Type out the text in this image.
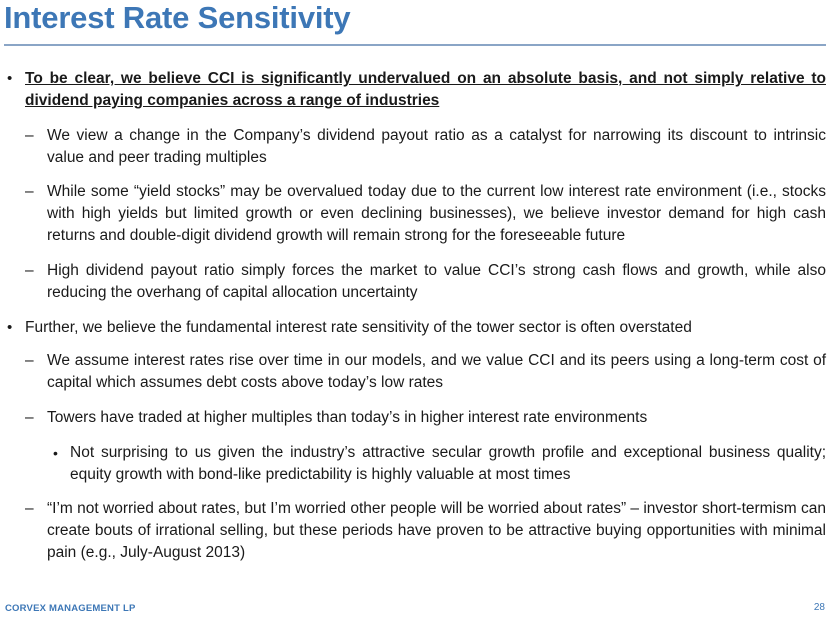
Interest Rate Sensitivity
• To be clear, we believe CCI is significantly undervalued on an absolute basis, and not simply relative to dividend paying companies across a range of industries
– We view a change in the Company’s dividend payout ratio as a catalyst for narrowing its discount to intrinsic value and peer trading multiples
– While some “yield stocks” may be overvalued today due to the current low interest rate environment (i.e., stocks with high yields but limited growth or even declining businesses), we believe investor demand for high cash returns and double-digit dividend growth will remain strong for the foreseeable future
– High dividend payout ratio simply forces the market to value CCI’s strong cash flows and growth, while also reducing the overhang of capital allocation uncertainty
• Further, we believe the fundamental interest rate sensitivity of the tower sector is often overstated
– We assume interest rates rise over time in our models, and we value CCI and its peers using a long-term cost of capital which assumes debt costs above today’s low rates
– Towers have traded at higher multiples than today’s in higher interest rate environments
• Not surprising to us given the industry’s attractive secular growth profile and exceptional business quality; equity growth with bond-like predictability is highly valuable at most times
– “I’m not worried about rates, but I’m worried other people will be worried about rates” – investor short-termism can create bouts of irrational selling, but these periods have proven to be attractive buying opportunities with minimal pain (e.g., July-August 2013)
CORVEX MANAGEMENT LP	28
